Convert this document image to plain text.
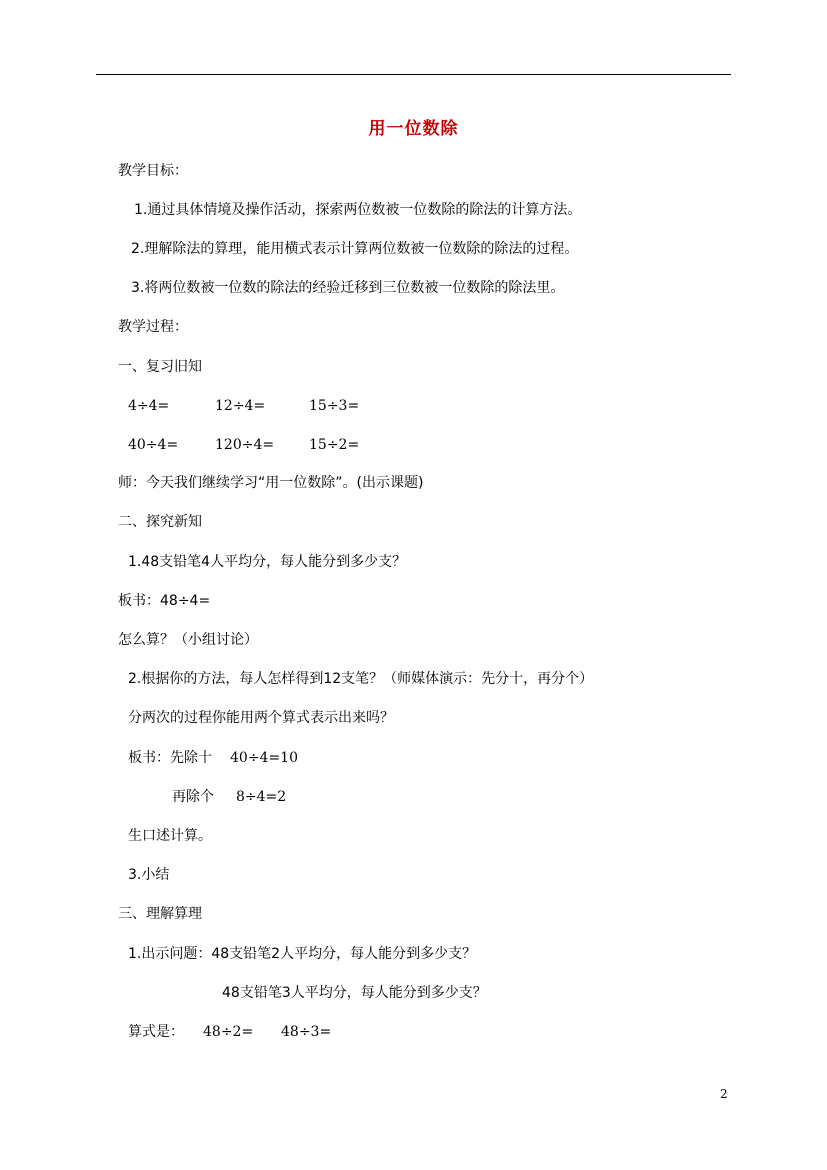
用一位数除
教学目标：
1.通过具体情境及操作活动，探索两位数被一位数除的除法的计算方法。
2.理解除法的算理，能用横式表示计算两位数被一位数除的除法的过程。
3.将两位数被一位数的除法的经验迁移到三位数被一位数除的除法里。
教学过程：
一、复习旧知
4÷4=	12÷4=	15÷3=
40÷4=	120÷4= 15÷2=
师：今天我们继续学习“用一位数除”。(出示课题)
二、探究新知
1.48支铅笔4人平均分，每人能分到多少支？
板书：48÷4=
怎么算？（小组讨论）
2.根据你的方法，每人怎样得到12支笔？（师媒体演示：先分十，再分个）
分两次的过程你能用两个算式表示出来吗？
板书：先除十 40÷4=10
再除个 8÷4=2
生口述计算。
3.小结
三、理解算理
1.出示问题：48支铅笔2人平均分，每人能分到多少支？
48支铅笔3人平均分，每人能分到多少支？
算式是： 48÷2= 48÷3=
2
